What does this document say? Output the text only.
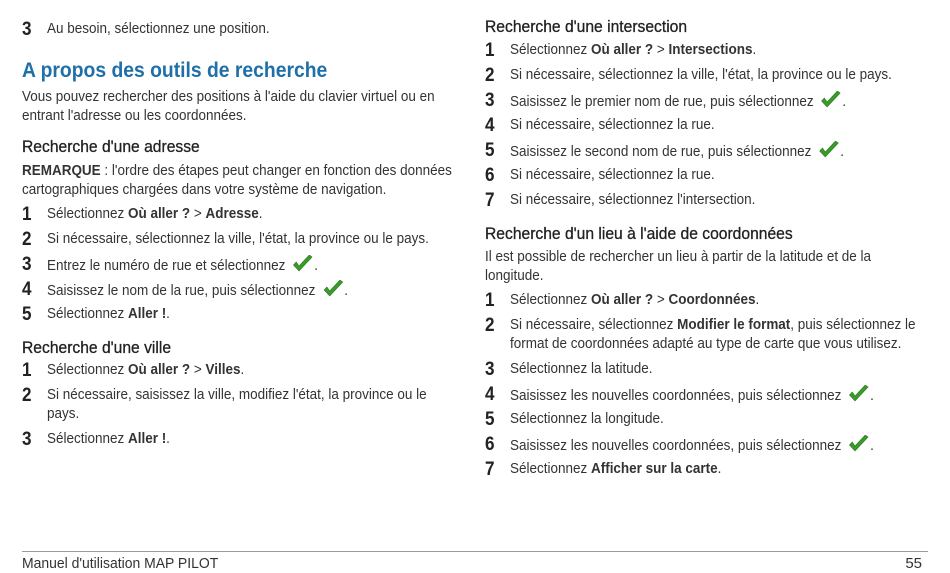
3	Au besoin, sélectionnez une position.
A propos des outils de recherche
Vous pouvez rechercher des positions à l'aide du clavier virtuel ou en entrant l'adresse ou les coordonnées.
Recherche d'une adresse
REMARQUE : l'ordre des étapes peut changer en fonction des données cartographiques chargées dans votre système de navigation.
1	Sélectionnez Où aller ? > Adresse.
2	Si nécessaire, sélectionnez la ville, l'état, la province ou le pays.
3	Entrez le numéro de rue et sélectionnez .
4	Saisissez le nom de la rue, puis sélectionnez .
5	Sélectionnez Aller !.
Recherche d'une ville
1	Sélectionnez Où aller ? > Villes.
2	Si nécessaire, saisissez la ville, modifiez l'état, la province ou le pays.
3	Sélectionnez Aller !.
Recherche d'une intersection
1	Sélectionnez Où aller ? > Intersections.
2	Si nécessaire, sélectionnez la ville, l'état, la province ou le pays.
3	Saisissez le premier nom de rue, puis sélectionnez .
4	Si nécessaire, sélectionnez la rue.
5	Saisissez le second nom de rue, puis sélectionnez .
6	Si nécessaire, sélectionnez la rue.
7	Si nécessaire, sélectionnez l'intersection.
Recherche d'un lieu à l'aide de coordonnées
Il est possible de rechercher un lieu à partir de la latitude et de la longitude.
1	Sélectionnez Où aller ? > Coordonnées.
2	Si nécessaire, sélectionnez Modifier le format, puis sélectionnez le format de coordonnées adapté au type de carte que vous utilisez.
3	Sélectionnez la latitude.
4	Saisissez les nouvelles coordonnées, puis sélectionnez .
5	Sélectionnez la longitude.
6	Saisissez les nouvelles coordonnées, puis sélectionnez .
7	Sélectionnez Afficher sur la carte.
Manuel d'utilisation MAP PILOT	55
